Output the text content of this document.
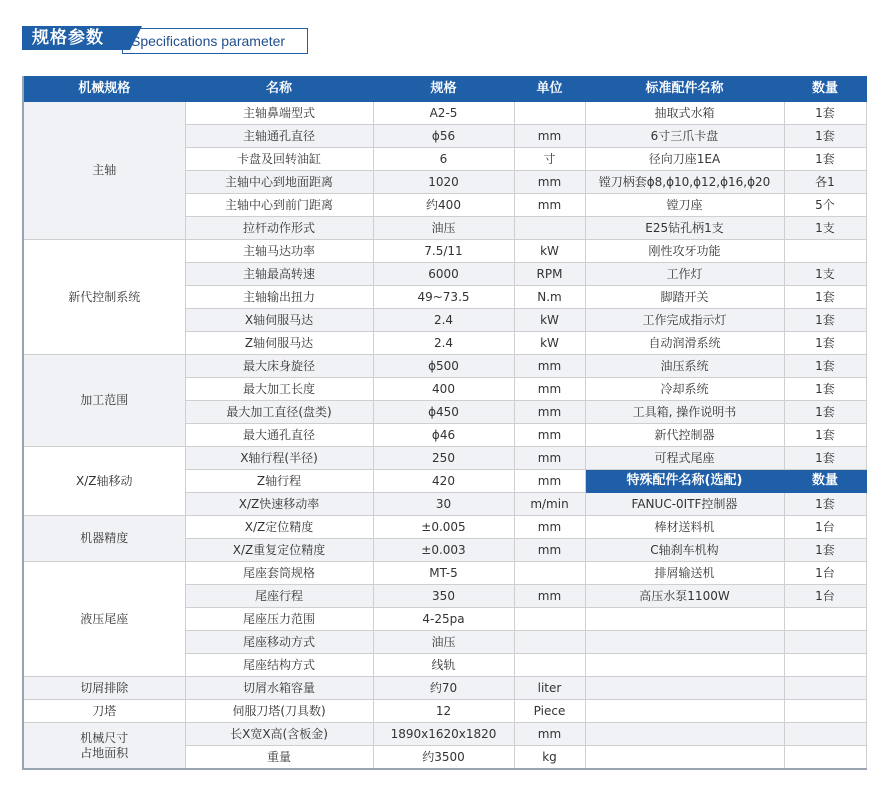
Specifications parameter
规格参数
机械规格	名称	规格	单位	标准配件名称	数量

主轴	主轴鼻端型式	A2-5		抽取式水箱	1套
	主轴通孔直径	ϕ56	mm	6寸三爪卡盘	1套
	卡盘及回转油缸	6	寸	径向刀座1EA	1套
	主轴中心到地面距离	1020	mm	镗刀柄套ϕ8,ϕ10,ϕ12,ϕ16,ϕ20	各1
	主轴中心到前门距离	约400	mm	镗刀座	5个
	拉杆动作形式	油压		E25钻孔柄1支	1支

新代控制系统	主轴马达功率	7.5/11	kW	刚性攻牙功能	
	主轴最高转速	6000	RPM	工作灯	1支
	主轴输出扭力	49~73.5	N.m	脚踏开关	1套
	X轴伺服马达	2.4	kW	工作完成指示灯	1套
	Z轴伺服马达	2.4	kW	自动润滑系统	1套

加工范围	最大床身旋径	ϕ500	mm	油压系统	1套
	最大加工长度	400	mm	冷却系统	1套
	最大加工直径(盘类)	ϕ450	mm	工具箱, 操作说明书	1套
	最大通孔直径	ϕ46	mm	新代控制器	1套

X/Z轴移动	X轴行程(半径)	250	mm	可程式尾座	1套
	Z轴行程	420	mm	特殊配件名称(选配)	数量
	X/Z快速移动率	30	m/min	FANUC-0ITF控制器	1套

机器精度	X/Z定位精度	±0.005	mm	棒材送料机	1台
	X/Z重复定位精度	±0.003	mm	C轴刹车机构	1套

液压尾座	尾座套筒规格	MT-5		排屑输送机	1台
	尾座行程	350	mm	高压水泵1100W	1台
	尾座压力范围	4-25pa			
	尾座移动方式	油压			
	尾座结构方式	线轨			

切屑排除	切屑水箱容量	约70	liter		

刀塔	伺服刀塔(刀具数)	12	Piece		

机械尺寸
占地面积	长X宽X高(含板金)	1890x1620x1820	mm		
	重量	约3500	kg		
